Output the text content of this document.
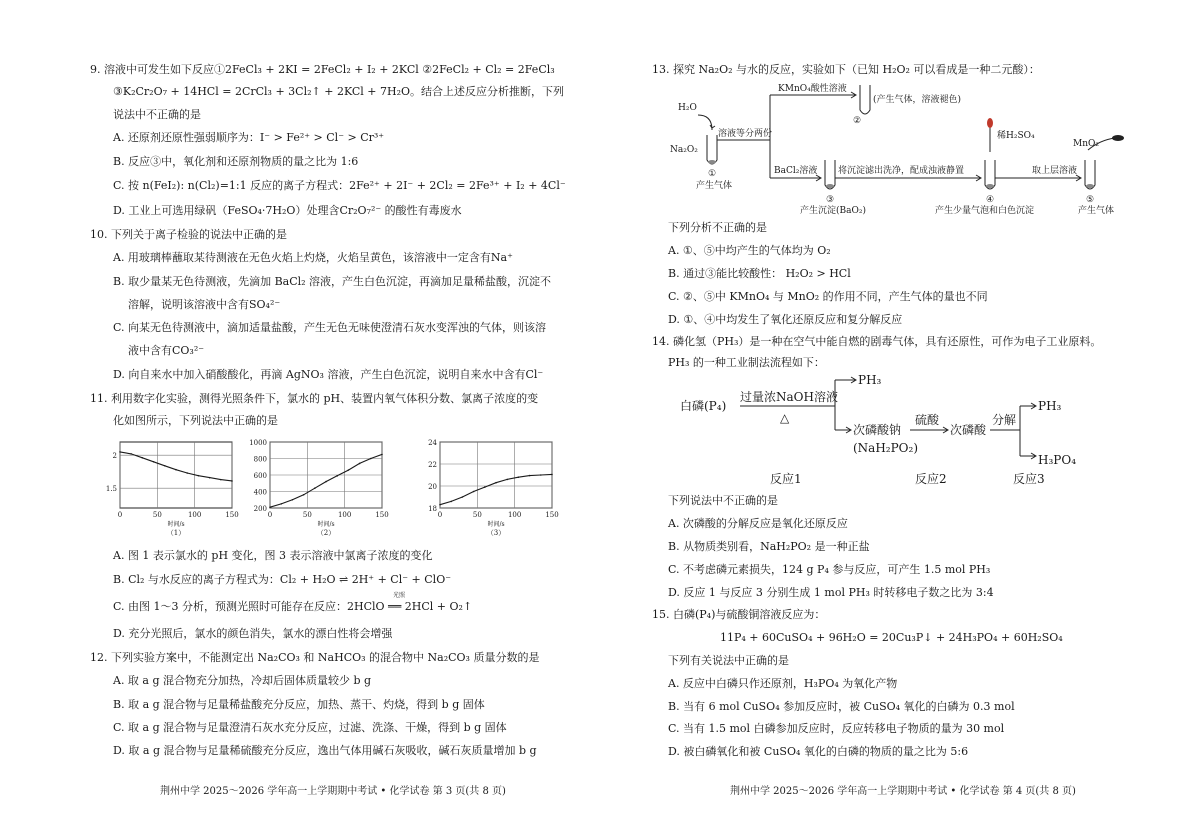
9. 溶液中可发生如下反应①2FeCl₃ + 2KI = 2FeCl₂ + I₂ + 2KCl ②2FeCl₂ + Cl₂ = 2FeCl₃
③K₂Cr₂O₇ + 14HCl = 2CrCl₃ + 3Cl₂↑ + 2KCl + 7H₂O。结合上述反应分析推断，下列
说法中不正确的是
A. 还原剂还原性强弱顺序为：I⁻ > Fe²⁺ > Cl⁻ > Cr³⁺
B. 反应③中，氧化剂和还原剂物质的量之比为 1:6
C. 按 n(FeI₂): n(Cl₂)=1:1 反应的离子方程式：2Fe²⁺ + 2I⁻ + 2Cl₂ = 2Fe³⁺ + I₂ + 4Cl⁻
D. 工业上可选用绿矾（FeSO₄·7H₂O）处理含Cr₂O₇²⁻ 的酸性有毒废水
10. 下列关于离子检验的说法中正确的是
A. 用玻璃棒蘸取某待测液在无色火焰上灼烧，火焰呈黄色，该溶液中一定含有Na⁺
B. 取少量某无色待测液，先滴加 BaCl₂ 溶液，产生白色沉淀，再滴加足量稀盐酸，沉淀不
溶解，说明该溶液中含有SO₄²⁻
C. 向某无色待测液中，滴加适量盐酸，产生无色无味使澄清石灰水变浑浊的气体，则该溶
液中含有CO₃²⁻
D. 向自来水中加入硝酸酸化，再滴 AgNO₃ 溶液，产生白色沉淀，说明自来水中含有Cl⁻
11. 利用数字化实验，测得光照条件下，氯水的 pH、装置内氧气体积分数、氯离子浓度的变
化如图所示，下列说法中正确的是
1.5
2
0	50	100	150
时间/s
（1）
200
400
600
800
1000
0	50	100	150
时间/s
（2）
18
20
22
24
0	50	100	150
时间/s
（3）
A. 图 1 表示氯水的 pH 变化，图 3 表示溶液中氯离子浓度的变化
B. Cl₂ 与水反应的离子方程式为：Cl₂ + H₂O ⇌ 2H⁺ + Cl⁻ + ClO⁻
C. 由图 1～3 分析，预测光照时可能存在反应：2HClO ══ 2HCl + O₂↑
光照
D. 充分光照后，氯水的颜色消失，氯水的漂白性将会增强
12. 下列实验方案中，不能测定出 Na₂CO₃ 和 NaHCO₃ 的混合物中 Na₂CO₃ 质量分数的是
A. 取 a g 混合物充分加热，冷却后固体质量较少 b g
B. 取 a g 混合物与足量稀盐酸充分反应，加热、蒸干、灼烧，得到 b g 固体
C. 取 a g 混合物与足量澄清石灰水充分反应，过滤、洗涤、干燥，得到 b g 固体
D. 取 a g 混合物与足量稀硫酸充分反应，逸出气体用碱石灰吸收，碱石灰质量增加 b g
荆州中学 2025～2026 学年高一上学期期中考试 • 化学试卷 第 3 页(共 8 页)
13. 探究 Na₂O₂ 与水的反应，实验如下（已知 H₂O₂ 可以看成是一种二元酸）：
H₂O
Na₂O₂
①
产生气体
溶液等分两份
KMnO₄酸性溶液
(产生气体，溶液褪色)
②
BaCl₂溶液 将沉淀滤出洗净，配成浊液静置
③
产生沉淀(BaO₂)
稀H₂SO₄
④
产生少量气泡和白色沉淀
取上层溶液
MnO₂
⑤
产生气体
下列分析不正确的是
A. ①、⑤中均产生的气体均为 O₂
B. 通过③能比较酸性： H₂O₂ > HCl
C. ②、⑤中 KMnO₄ 与 MnO₂ 的作用不同，产生气体的量也不同
D. ①、④中均发生了氧化还原反应和复分解反应
14. 磷化氢（PH₃）是一种在空气中能自燃的剧毒气体，具有还原性，可作为电子工业原料。
PH₃ 的一种工业制法流程如下：
白磷(P₄)
过量浓NaOH溶液
△
PH₃
次磷酸钠
(NaH₂PO₂)
硫酸
次磷酸
分解
PH₃
H₃PO₄
反应1	反应2	反应3
下列说法中不正确的是
A. 次磷酸的分解反应是氧化还原反应
B. 从物质类别看，NaH₂PO₂ 是一种正盐
C. 不考虑磷元素损失，124 g P₄ 参与反应，可产生 1.5 mol PH₃
D. 反应 1 与反应 3 分别生成 1 mol PH₃ 时转移电子数之比为 3:4
15. 白磷(P₄)与硫酸铜溶液反应为：
11P₄ + 60CuSO₄ + 96H₂O = 20Cu₃P↓ + 24H₃PO₄ + 60H₂SO₄
下列有关说法中正确的是
A. 反应中白磷只作还原剂，H₃PO₄ 为氧化产物
B. 当有 6 mol CuSO₄ 参加反应时，被 CuSO₄ 氧化的白磷为 0.3 mol
C. 当有 1.5 mol 白磷参加反应时，反应转移电子物质的量为 30 mol
D. 被白磷氧化和被 CuSO₄ 氧化的白磷的物质的量之比为 5:6
荆州中学 2025～2026 学年高一上学期期中考试 • 化学试卷 第 4 页(共 8 页)
